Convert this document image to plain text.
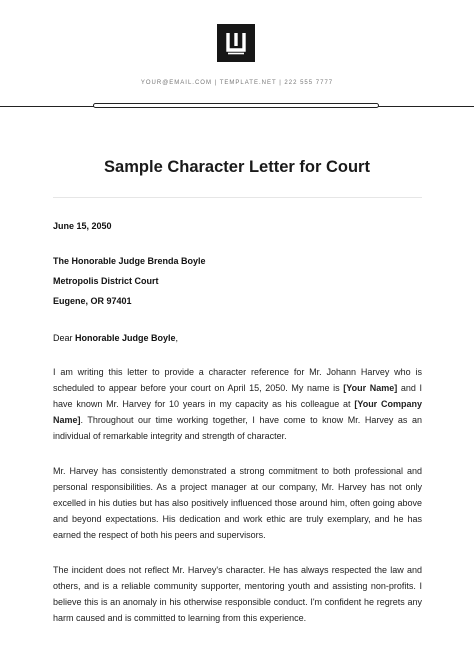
YOUR@EMAIL.COM | TEMPLATE.NET | 222 555 7777
Sample Character Letter for Court
June 15, 2050
The Honorable Judge Brenda Boyle
Metropolis District Court
Eugene, OR 97401
Dear Honorable Judge Boyle,
I am writing this letter to provide a character reference for Mr. Johann Harvey who is scheduled to appear before your court on April 15, 2050. My name is [Your Name] and I have known Mr. Harvey for 10 years in my capacity as his colleague at [Your Company Name]. Throughout our time working together, I have come to know Mr. Harvey as an individual of remarkable integrity and strength of character.
Mr. Harvey has consistently demonstrated a strong commitment to both professional and personal responsibilities. As a project manager at our company, Mr. Harvey has not only excelled in his duties but has also positively influenced those around him, often going above and beyond expectations. His dedication and work ethic are truly exemplary, and he has earned the respect of both his peers and supervisors.
The incident does not reflect Mr. Harvey's character. He has always respected the law and others, and is a reliable community supporter, mentoring youth and assisting non-profits. I believe this is an anomaly in his otherwise responsible conduct. I'm confident he regrets any harm caused and is committed to learning from this experience.
